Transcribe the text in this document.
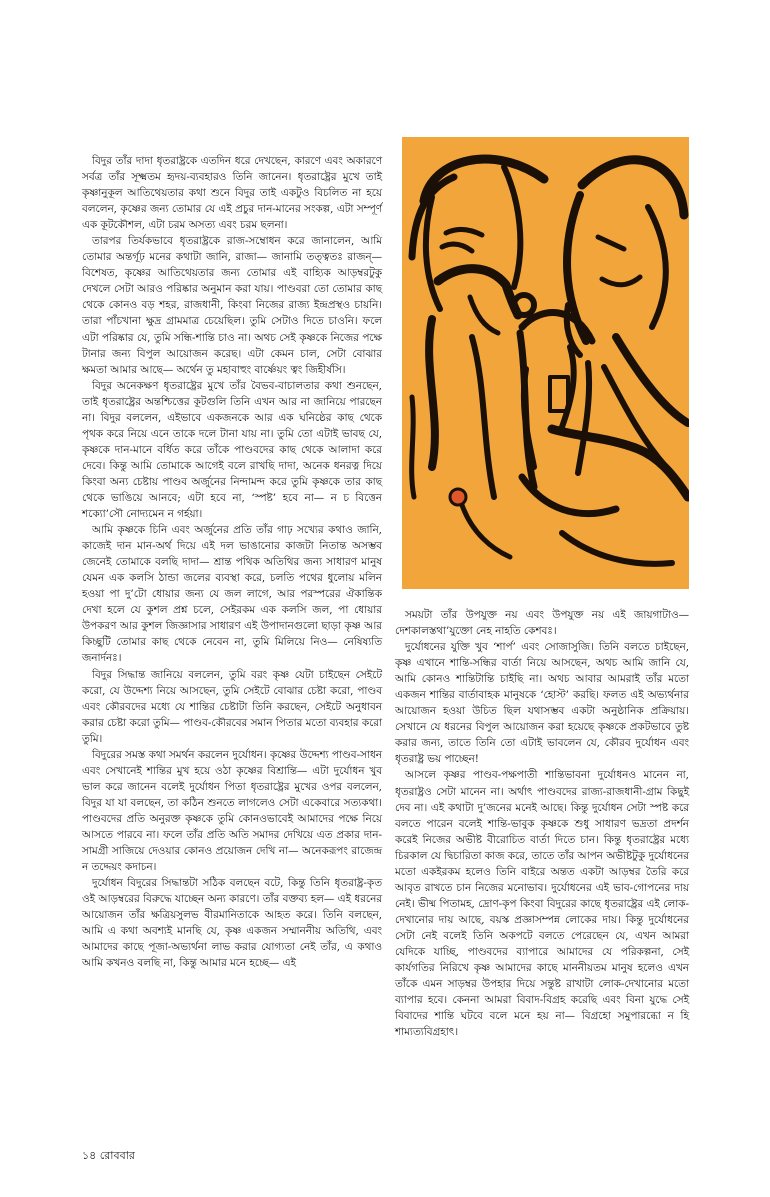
বিদুর তাঁর দাদা ধৃতরাষ্ট্রকে এতদিন ধরে দেখছেন, কারণে এবং অকারণে সর্বত্র তাঁর সূক্ষ্মতম হৃদয়-ব্যবহারও তিনি জানেন। ধৃতরাষ্ট্রের মুখে তাই কৃষ্ণানুকূল আতিথেয়তার কথা শুনে বিদুর তাই একটুও বিচলিত না হয়ে বললেন, কৃষ্ণের জন্য তোমার যে এই প্রচুর দান-মানের সংকল্প, এটা সম্পূর্ণ এক কূটকৌশল, এটা চরম অসত্য এবং চরম ছলনা।

তারপর তির্যকভাবে ধৃতরাষ্ট্রকে রাজ-সম্বোধন করে জানালেন, আমি তোমার অন্তর্গূঢ় মনের কথাটা জানি, রাজা— জানামি তত্ত্বতঃ রাজন্— বিশেষত, কৃষ্ণের আতিথেয়তার জন্য তোমার এই বাহ্যিক আড়ম্বরটুকু দেখলে সেটা আরও পরিষ্কার অনুমান করা যায়। পাণ্ডবরা তো তোমার কাছ থেকে কোনও বড় শহর, রাজধানী, কিংবা নিজের রাজ্য ইন্দ্রপ্রস্থও চায়নি। তারা পাঁচখানা ক্ষুদ্র গ্রামমাত্র চেয়েছিল। তুমি সেটাও দিতে চাওনি। ফলে এটা পরিষ্কার যে, তুমি সন্ধি-শান্তি চাও না। অথচ সেই কৃষ্ণকে নিজের পক্ষে টানার জন্য বিপুল আয়োজন করেছ। এটা কেমন চাল, সেটা বোঝার ক্ষমতা আমার আছে— অর্থেন তু মহাবাহুং বার্ষ্ণেয়ং ত্বং জিহীর্ষসি।

বিদুর অনেকক্ষণ ধৃতরাষ্ট্রের মুখে তাঁর বৈভব-বাচালতার কথা শুনছেন, তাই ধৃতরাষ্ট্রের অন্তশ্চিত্তের কূটগুলি তিনি এখন আর না জানিয়ে পারছেন না। বিদুর বললেন, এইভাবে একজনকে আর এক ঘনিষ্ঠের কাছ থেকে পৃথক করে নিয়ে এনে তাকে দলে টানা যায় না। তুমি তো এটাই ভাবছ যে, কৃষ্ণকে দান-মানে বর্ধিত করে তাঁকে পাণ্ডবদের কাছ থেকে আলাদা করে দেবে। কিন্তু আমি তোমাকে আগেই বলে রাখছি দাদা, অনেক ধনরত্ন দিয়ে কিংবা অন্য চেষ্টায় পাণ্ডব অর্জুনের নিন্দামন্দ করে তুমি কৃষ্ণকে তার কাছ থেকে ভাঙিয়ে আনবে; এটা হবে না, ‘স্পষ্ট’ হবে না— ন চ বিত্তেন শক্যো’সৌ নোদ্যমেন ন গর্হয়া।

আমি কৃষ্ণকে চিনি এবং অর্জুনের প্রতি তাঁর গাঢ় সখ্যের কথাও জানি, কাজেই দান মান-অর্থ দিয়ে এই দল ভাঙানোর কাজটা নিতান্ত অসম্ভব জেনেই তোমাকে বলছি দাদা— শ্রান্ত পথিক অতিথির জন্য সাধারণ মানুষ যেমন এক কলসি ঠান্ডা জলের ব্যবস্থা করে, চলতি পথের ধুলোয় মলিন হওয়া পা দু’টো ধোয়ার জন্য যে জল লাগে, আর পরস্পরের ঐকান্তিক দেখা হলে যে কুশল প্রশ্ন চলে, সেইরকম এক কলসি জল, পা ধোয়ার উপকরণ আর কুশল জিজ্ঞাসার সাধারণ এই উপাদানগুলো ছাড়া কৃষ্ণ আর কিচ্ছুটি তোমার কাছ থেকে নেবেন না, তুমি মিলিয়ে নিও— নেষিষ্যতি জনার্দনঃ।

বিদুর সিদ্ধান্ত জানিয়ে বললেন, তুমি বরং কৃষ্ণ যেটা চাইছেন সেইটে করো, যে উদ্দেশ্য নিয়ে আসছেন, তুমি সেইটে বোঝার চেষ্টা করো, পাণ্ডব এবং কৌরবদের মধ্যে যে শান্তির চেষ্টাটা তিনি করছেন, সেইটে অনুধাবন করার চেষ্টা করো তুমি— পাণ্ডব-কৌরবের সমান পিতার মতো ব্যবহার করো তুমি।

বিদুরের সমস্ত কথা সমর্থন করলেন দুর্যোধন। কৃষ্ণের উদ্দেশ্য পাণ্ডব-সাধন এবং সেখানেই শান্তির মুখ হয়ে ওঠা কৃষ্ণের বিশ্রান্তি— এটা দুর্যোধন খুব ভাল করে জানেন বলেই দুর্যোধন পিতা ধৃতরাষ্ট্রের মুখের ওপর বললেন, বিদুর যা যা বলছেন, তা কঠিন শুনতে লাগলেও সেটা একেবারে সত্যকথা। পাণ্ডবদের প্রতি অনুরক্ত কৃষ্ণকে তুমি কোনওভাবেই আমাদের পক্ষে নিয়ে আসতে পারবে না। ফলে তাঁর প্রতি অতি সমাদর দেখিয়ে এত প্রকার দান-সামগ্রী সাজিয়ে দেওয়ার কোনও প্রয়োজন দেখি না— অনেকরূপং রাজেন্দ্র ন তদ্দেয়ং কদাচন।

দুর্যোধন বিদুরের সিদ্ধান্তটা সঠিক বলছেন বটে, কিন্তু তিনি ধৃতরাষ্ট্র-কৃত ওই আড়ম্বরের বিরুদ্ধে যাচ্ছেন অন্য কারণে। তাঁর বক্তব্য হল— এই ধরনের আয়োজন তাঁর ক্ষত্রিয়সুলভ বীরমানিতাকে আহত করে। তিনি বলছেন, আমি এ কথা অবশ্যই মানছি যে, কৃষ্ণ একজন সম্মাননীয় অতিথি, এবং আমাদের কাছে পূজা-অভ্যর্থনা লাভ করার যোগ্যতা নেই তাঁর, এ কথাও আমি কখনও বলছি না, কিন্তু আমার মনে হচ্ছে— এই

সময়টা তাঁর উপযুক্ত নয় এবং উপযুক্ত নয় এই জায়গাটাও— দেশকালস্তথা’যুক্তো নেহ নাহতি কেশবঃ।

দুর্যোধনের যুক্তি খুব ‘শার্প’ এবং সোজাসুজি। তিনি বলতে চাইছেন, কৃষ্ণ এখানে শান্তি-সন্ধির বার্তা নিয়ে আসছেন, অথচ আমি জানি যে, আমি কোনও শান্তিটান্তি চাইছি না। অথচ আবার আমরাই তাঁর মতো একজন শান্তির বার্তাবাহক মানুষকে ‘হোস্ট’ করছি। ফলত এই অভ্যর্থনার আয়োজন হওয়া উচিত ছিল যথাসম্ভব একটা অনুষ্ঠানিক প্রক্রিয়ায়। সেখানে যে ধরনের বিপুল আয়োজন করা হয়েছে কৃষ্ণকে প্রকটভাবে তুষ্ট করার জন্য, তাতে তিনি তো এটাই ভাবলেন যে, কৌরব দুর্যোধন এবং ধৃতরাষ্ট্র ভয় পাচ্ছেন!

আসলে কৃষ্ণর পাণ্ডব-পক্ষপাতী শান্তিভাবনা দুর্যোধনও মানেন না, ধৃতরাষ্ট্রও সেটা মানেন না। অর্থাৎ পাণ্ডবদের রাজ্য-রাজধানী-গ্রাম কিছুই দেব না। এই কথাটা দু’জনের মনেই আছে। কিন্তু দুর্যোধন সেটা স্পষ্ট করে বলতে পারেন বলেই শান্তি-ভাবুক কৃষ্ণকে শুধু সাধারণ ভদ্রতা প্রদর্শন করেই নিজের অভীষ্ট বীরোচিত বার্তা দিতে চান। কিন্তু ধৃতরাষ্ট্রের মধ্যে চিরকাল যে দ্বিচারিতা কাজ করে, তাতে তাঁর আপন অভীষ্টটুকু দুর্যোধনের মতো একইরকম হলেও তিনি বাইরে অন্তত একটা আড়ম্বর তৈরি করে আবৃত রাখতে চান নিজের মনোভাব। দুর্যোধনের এই ভাব-গোপনের দায় নেই। ভীষ্ম পিতামহ, দ্রোণ-কৃপ কিংবা বিদুরের কাছে ধৃতরাষ্ট্রের এই লোক-দেখানোর দায় আছে, বয়স্ক প্রজ্ঞাসম্পন্ন লোকের দায়। কিন্তু দুর্যোধনের সেটা নেই বলেই তিনি অকপটে বলতে পেরেছেন যে, এখন আমরা যেদিকে যাচ্ছি, পাণ্ডবদের ব্যাপারে আমাদের যে পরিকল্পনা, সেই কার্যগতির নিরিখে কৃষ্ণ আমাদের কাছে মাননীয়তম মানুষ হলেও এখন তাঁকে এমন সাড়ম্বর উপহার দিয়ে সন্তুষ্ট রাখাটা লোক-দেখানোর মতো ব্যাপার হবে। কেননা আমরা বিবাদ-বিগ্রহ করেছি এবং বিনা যুদ্ধে সেই বিবাদের শান্তি ঘটবে বলে মনে হয় না— বিগ্রহো সমুপারব্ধো ন হি শাম্যত্যবিগ্রহাৎ।

১৪ রোববার
